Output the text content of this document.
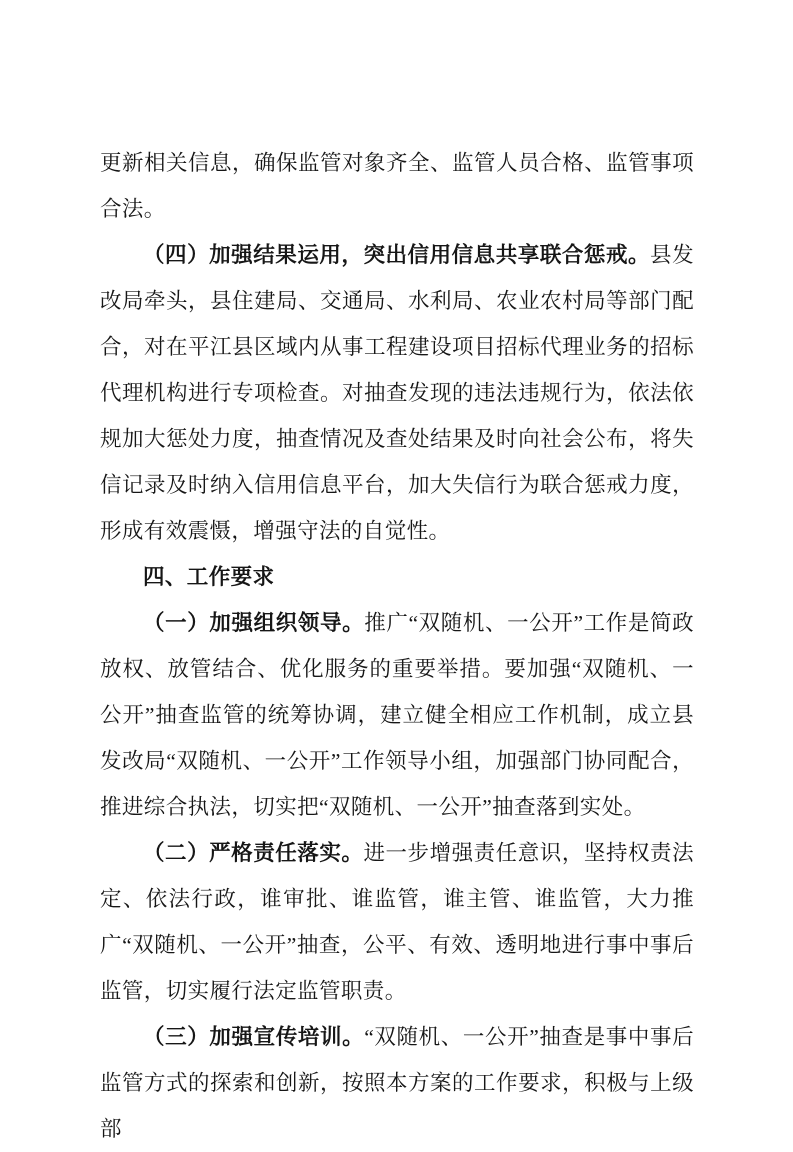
更新相关信息，确保监管对象齐全、监管人员合格、监管事项合法。

（四）加强结果运用，突出信用信息共享联合惩戒。县发改局牵头，县住建局、交通局、水利局、农业农村局等部门配合，对在平江县区域内从事工程建设项目招标代理业务的招标代理机构进行专项检查。对抽查发现的违法违规行为，依法依规加大惩处力度，抽查情况及查处结果及时向社会公布，将失信记录及时纳入信用信息平台，加大失信行为联合惩戒力度，形成有效震慑，增强守法的自觉性。

四、工作要求

（一）加强组织领导。推广“双随机、一公开”工作是简政放权、放管结合、优化服务的重要举措。要加强“双随机、一公开”抽查监管的统筹协调，建立健全相应工作机制，成立县发改局“双随机、一公开”工作领导小组，加强部门协同配合，推进综合执法，切实把“双随机、一公开”抽查落到实处。

（二）严格责任落实。进一步增强责任意识，坚持权责法定、依法行政，谁审批、谁监管，谁主管、谁监管，大力推广“双随机、一公开”抽查，公平、有效、透明地进行事中事后监管，切实履行法定监管职责。

（三）加强宣传培训。“双随机、一公开”抽查是事中事后监管方式的探索和创新，按照本方案的工作要求，积极与上级部
